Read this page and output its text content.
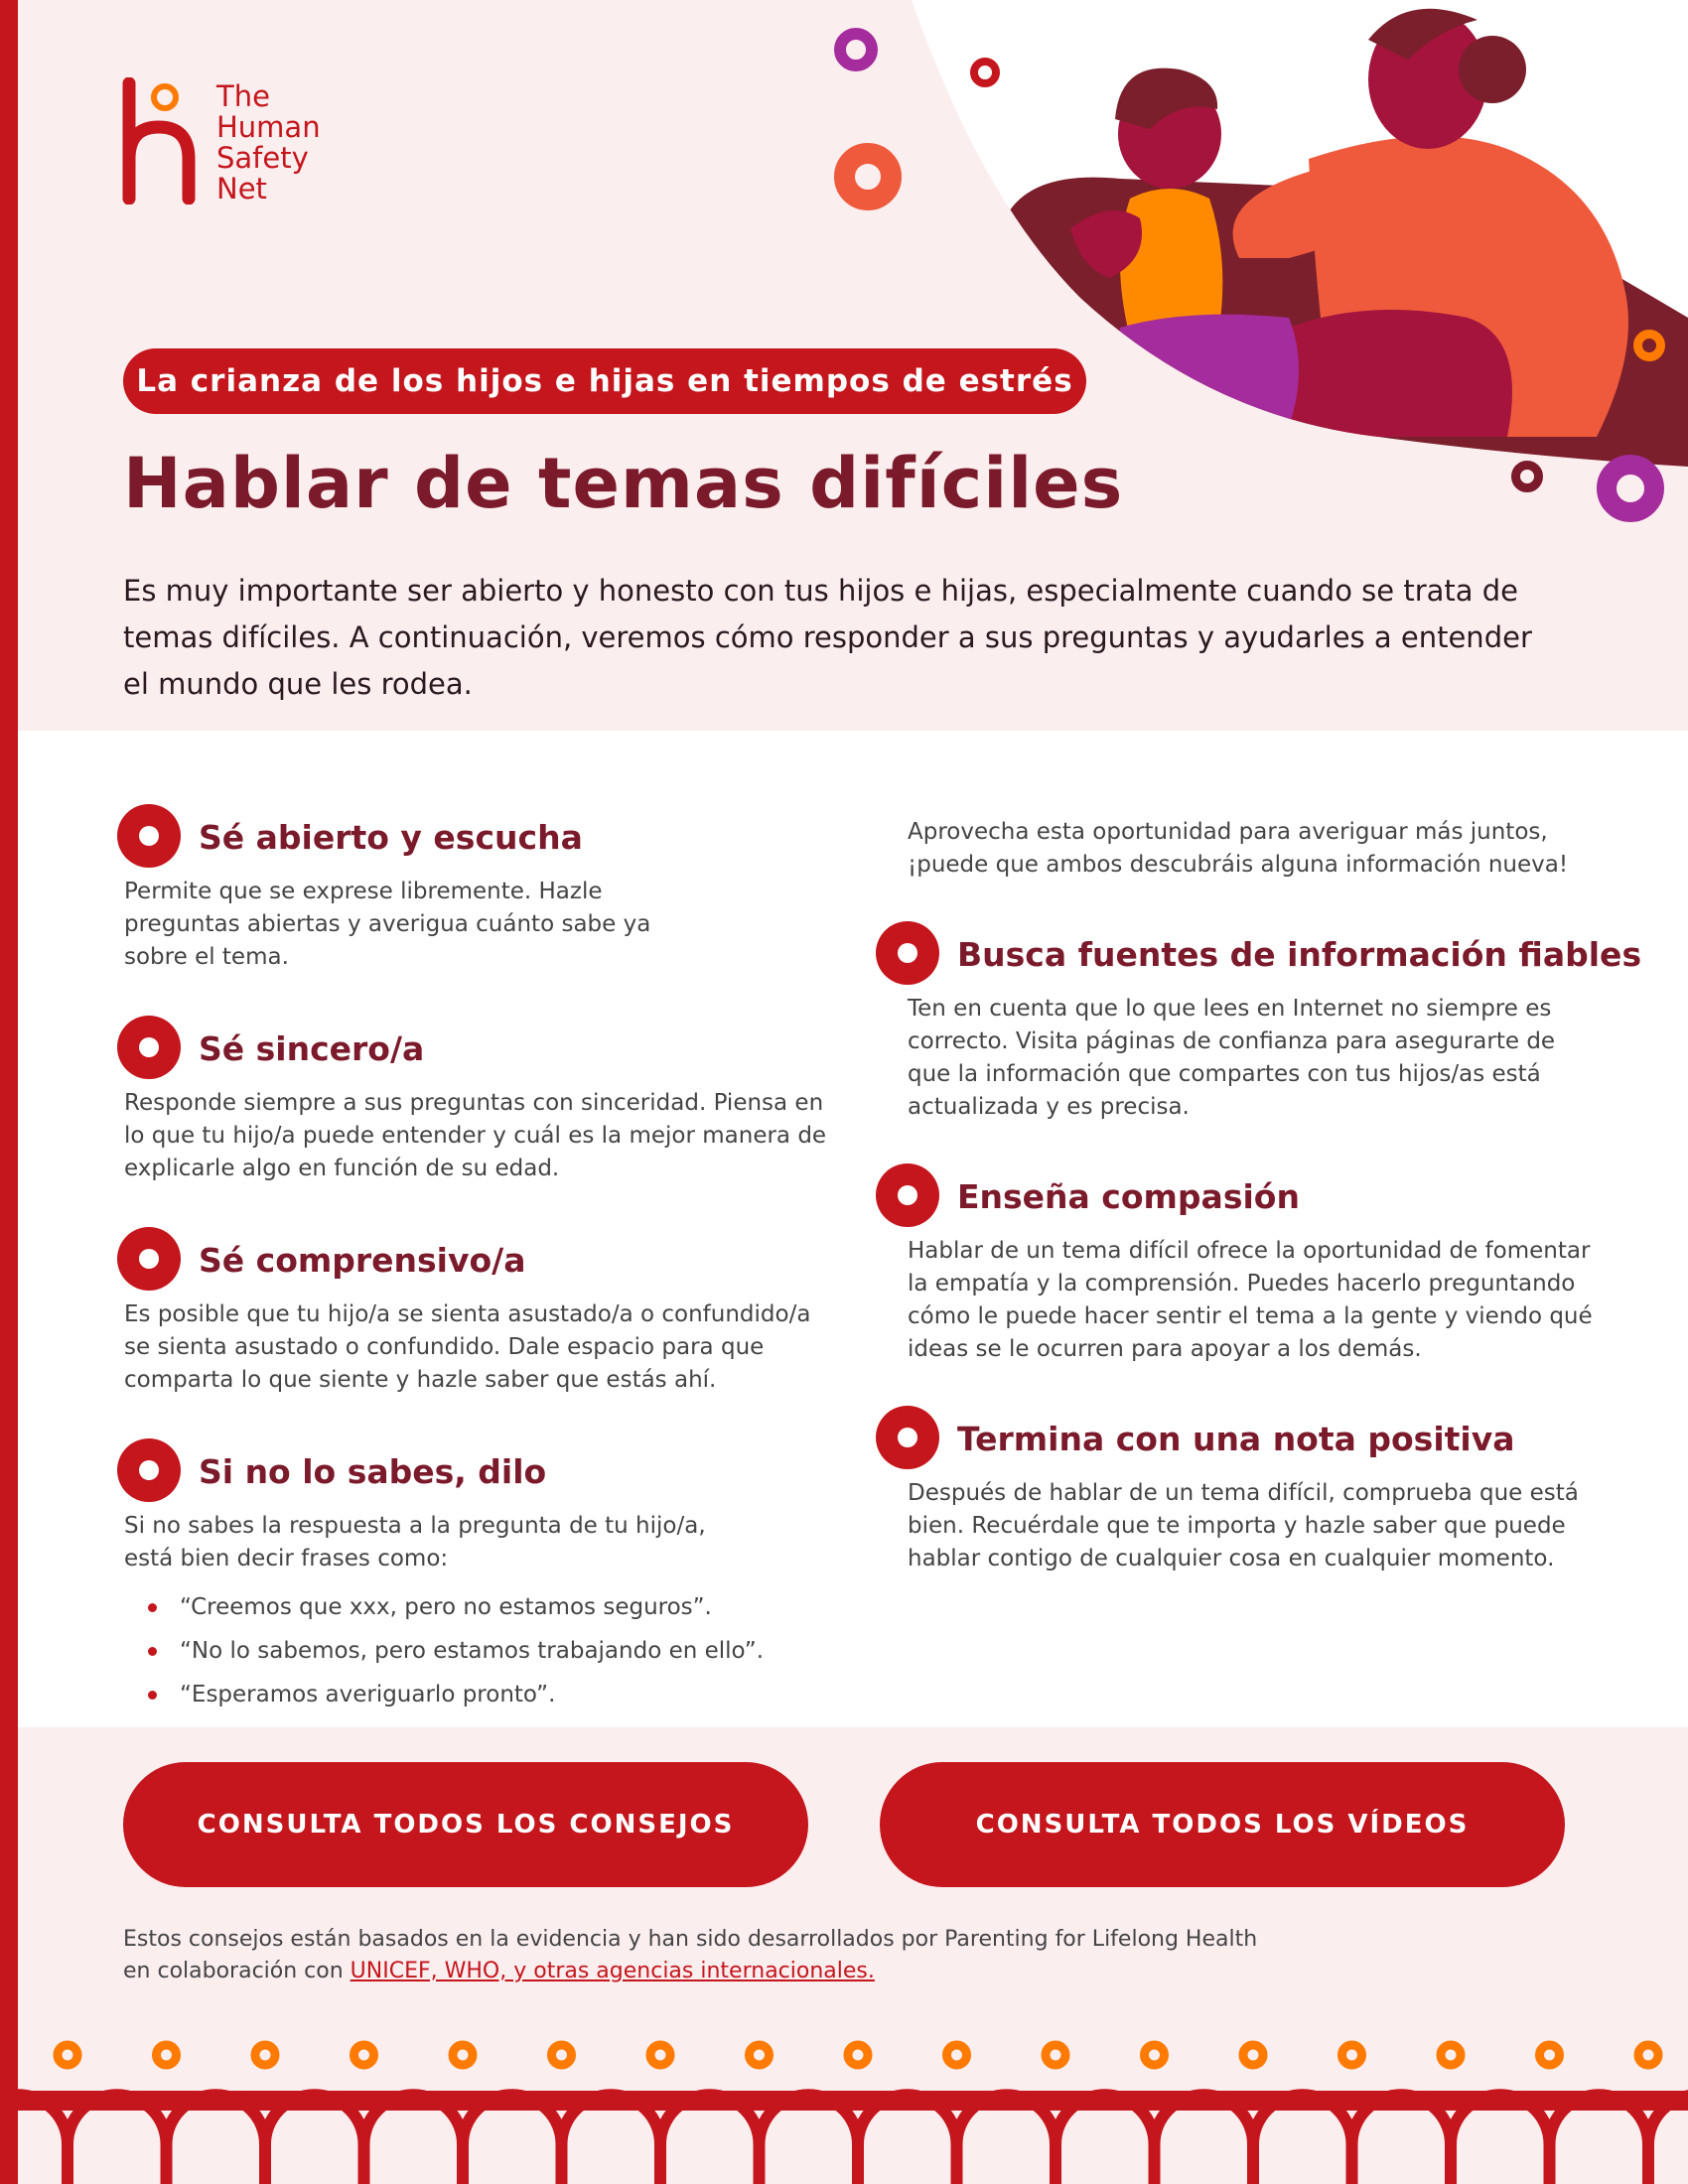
The
Human
Safety
Net
La crianza de los hijos e hijas en tiempos de estrés
Hablar de temas difíciles

Es muy importante ser abierto y honesto con tus hijos e hijas, especialmente cuando se trata de temas difíciles. A continuación, veremos cómo responder a sus preguntas y ayudarles a entender el mundo que les rodea.

Sé abierto y escucha

Permite que se exprese libremente. Hazle preguntas abiertas y averigua cuánto sabe ya sobre el tema.

Sé sincero/a

Responde siempre a sus preguntas con sinceridad. Piensa en lo que tu hijo/a puede entender y cuál es la mejor manera de explicarle algo en función de su edad.

Sé comprensivo/a

Es posible que tu hijo/a se sienta asustado/a o confundido/a se sienta asustado o confundido. Dale espacio para que comparta lo que siente y hazle saber que estás ahí.

Si no lo sabes, dilo

Si no sabes la respuesta a la pregunta de tu hijo/a, está bien decir frases como:

“Creemos que xxx, pero no estamos seguros”.
“No lo sabemos, pero estamos trabajando en ello”.
“Esperamos averiguarlo pronto”.

Aprovecha esta oportunidad para averiguar más juntos, ¡puede que ambos descubráis alguna información nueva!

Busca fuentes de información fiables

Ten en cuenta que lo que lees en Internet no siempre es correcto. Visita páginas de confianza para asegurarte de que la información que compartes con tus hijos/as está actualizada y es precisa.

Enseña compasión

Hablar de un tema difícil ofrece la oportunidad de fomentar la empatía y la comprensión. Puedes hacerlo preguntando cómo le puede hacer sentir el tema a la gente y viendo qué ideas se le ocurren para apoyar a los demás.

Termina con una nota positiva

Después de hablar de un tema difícil, comprueba que está bien. Recuérdale que te importa y hazle saber que puede hablar contigo de cualquier cosa en cualquier momento.

CONSULTA TODOS LOS CONSEJOS	CONSULTA TODOS LOS VÍDEOS
Estos consejos están basados en la evidencia y han sido desarrollados por Parenting for Lifelong Health
en colaboración con UNICEF, WHO, y otras agencias internacionales.
